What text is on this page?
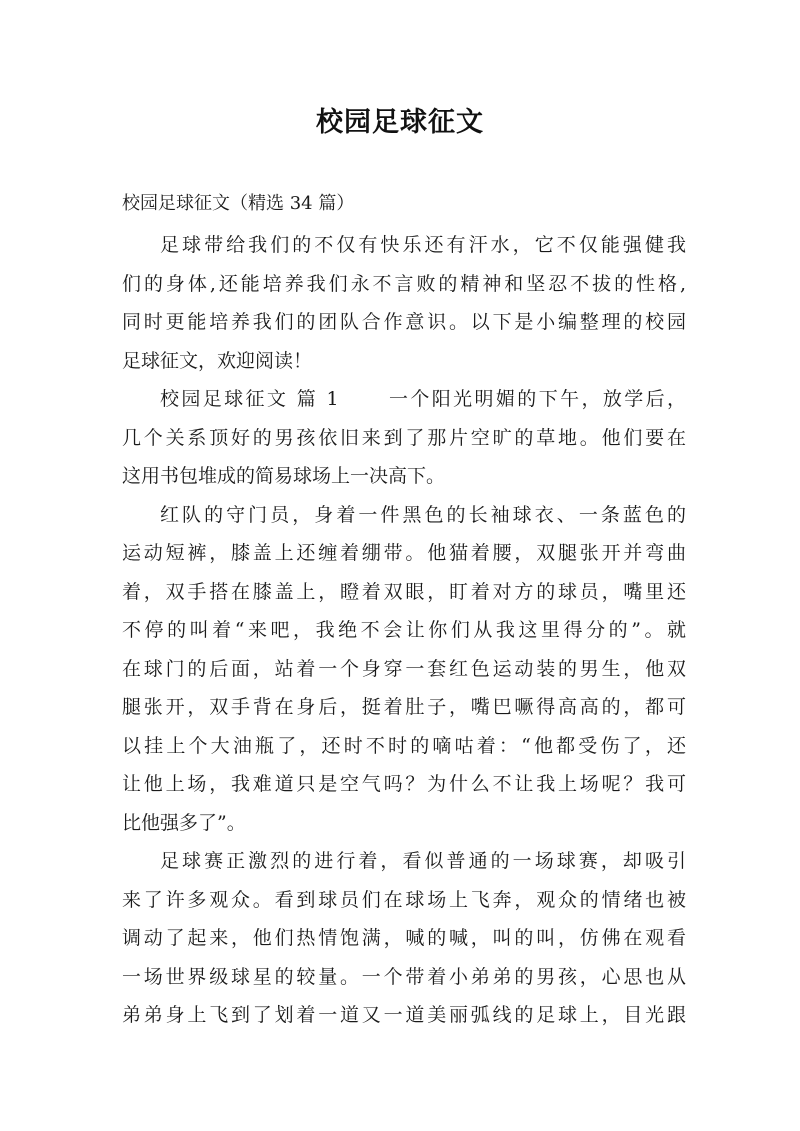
校园足球征文

校园足球征文（精选 34 篇）

足球带给我们的不仅有快乐还有汗水，它不仅能强健我
们的身体,还能培养我们永不言败的精神和坚忍不拔的性格,
同时更能培养我们的团队合作意识。以下是小编整理的校园
足球征文，欢迎阅读！
校园足球征文 篇 1	一个阳光明媚的下午，放学后，
几个关系顶好的男孩依旧来到了那片空旷的草地。他们要在
这用书包堆成的简易球场上一决高下。
红队的守门员，身着一件黑色的长袖球衣、一条蓝色的
运动短裤，膝盖上还缠着绷带。他猫着腰，双腿张开并弯曲
着，双手搭在膝盖上，瞪着双眼，盯着对方的球员，嘴里还
不停的叫着“来吧，我绝不会让你们从我这里得分的”。就
在球门的后面，站着一个身穿一套红色运动装的男生，他双
腿张开，双手背在身后，挺着肚子，嘴巴噘得高高的，都可
以挂上个大油瓶了，还时不时的嘀咕着：“他都受伤了，还
让他上场，我难道只是空气吗？为什么不让我上场呢？我可
比他强多了”。
足球赛正激烈的进行着，看似普通的一场球赛，却吸引
来了许多观众。看到球员们在球场上飞奔，观众的情绪也被
调动了起来，他们热情饱满，喊的喊，叫的叫，仿佛在观看
一场世界级球星的较量。一个带着小弟弟的男孩，心思也从
弟弟身上飞到了划着一道又一道美丽弧线的足球上，目光跟
